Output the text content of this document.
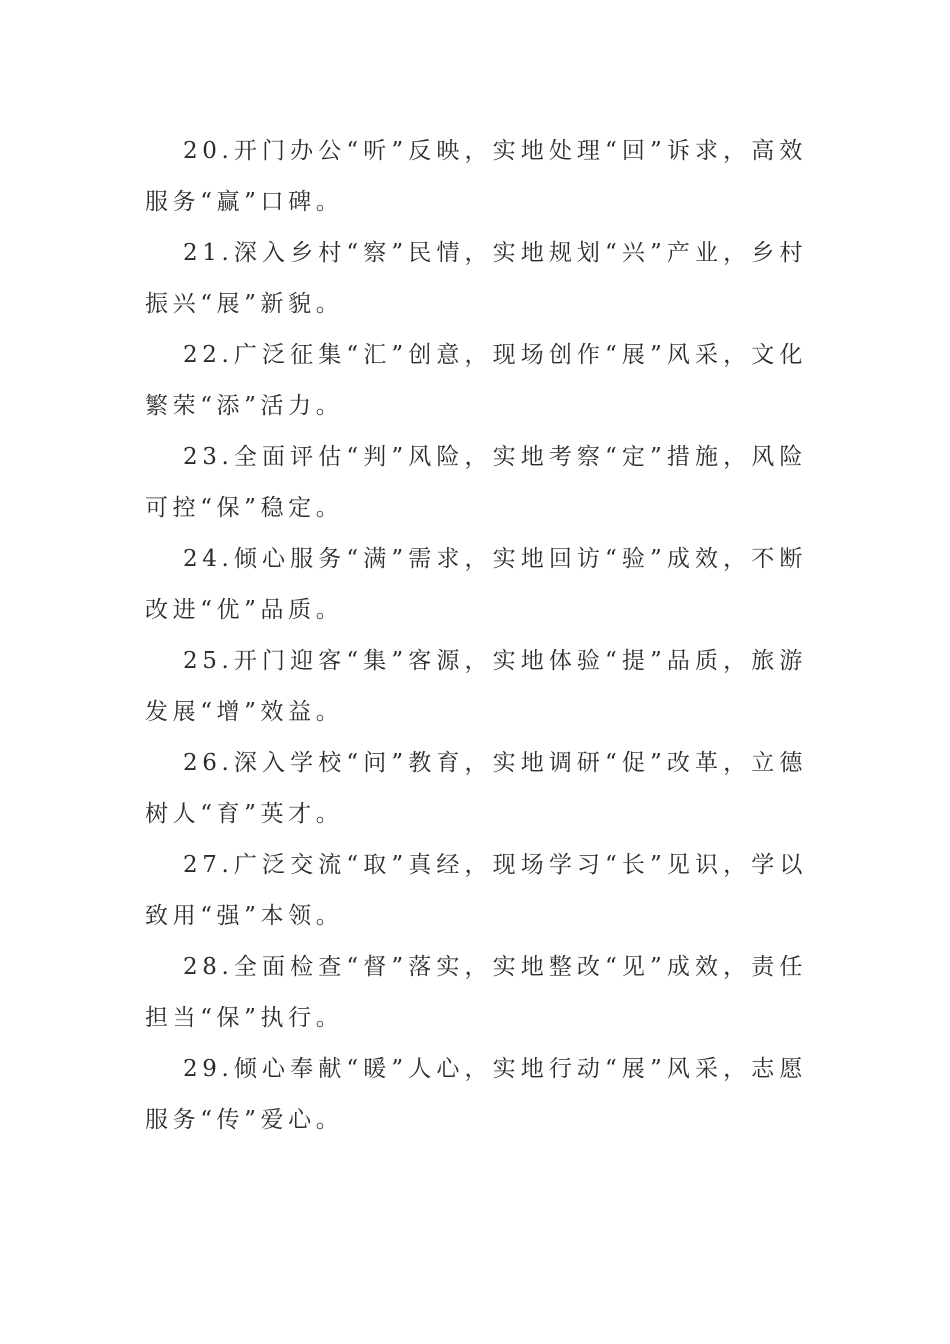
20.开门办公“听”反映，实地处理“回”诉求，高效服务“赢”口碑。

21.深入乡村“察”民情，实地规划“兴”产业，乡村振兴“展”新貌。

22.广泛征集“汇”创意，现场创作“展”风采，文化繁荣“添”活力。

23.全面评估“判”风险，实地考察“定”措施，风险可控“保”稳定。

24.倾心服务“满”需求，实地回访“验”成效，不断改进“优”品质。

25.开门迎客“集”客源，实地体验“提”品质，旅游发展“增”效益。

26.深入学校“问”教育，实地调研“促”改革，立德树人“育”英才。

27.广泛交流“取”真经，现场学习“长”见识，学以致用“强”本领。

28.全面检查“督”落实，实地整改“见”成效，责任担当“保”执行。

29.倾心奉献“暖”人心，实地行动“展”风采，志愿服务“传”爱心。
